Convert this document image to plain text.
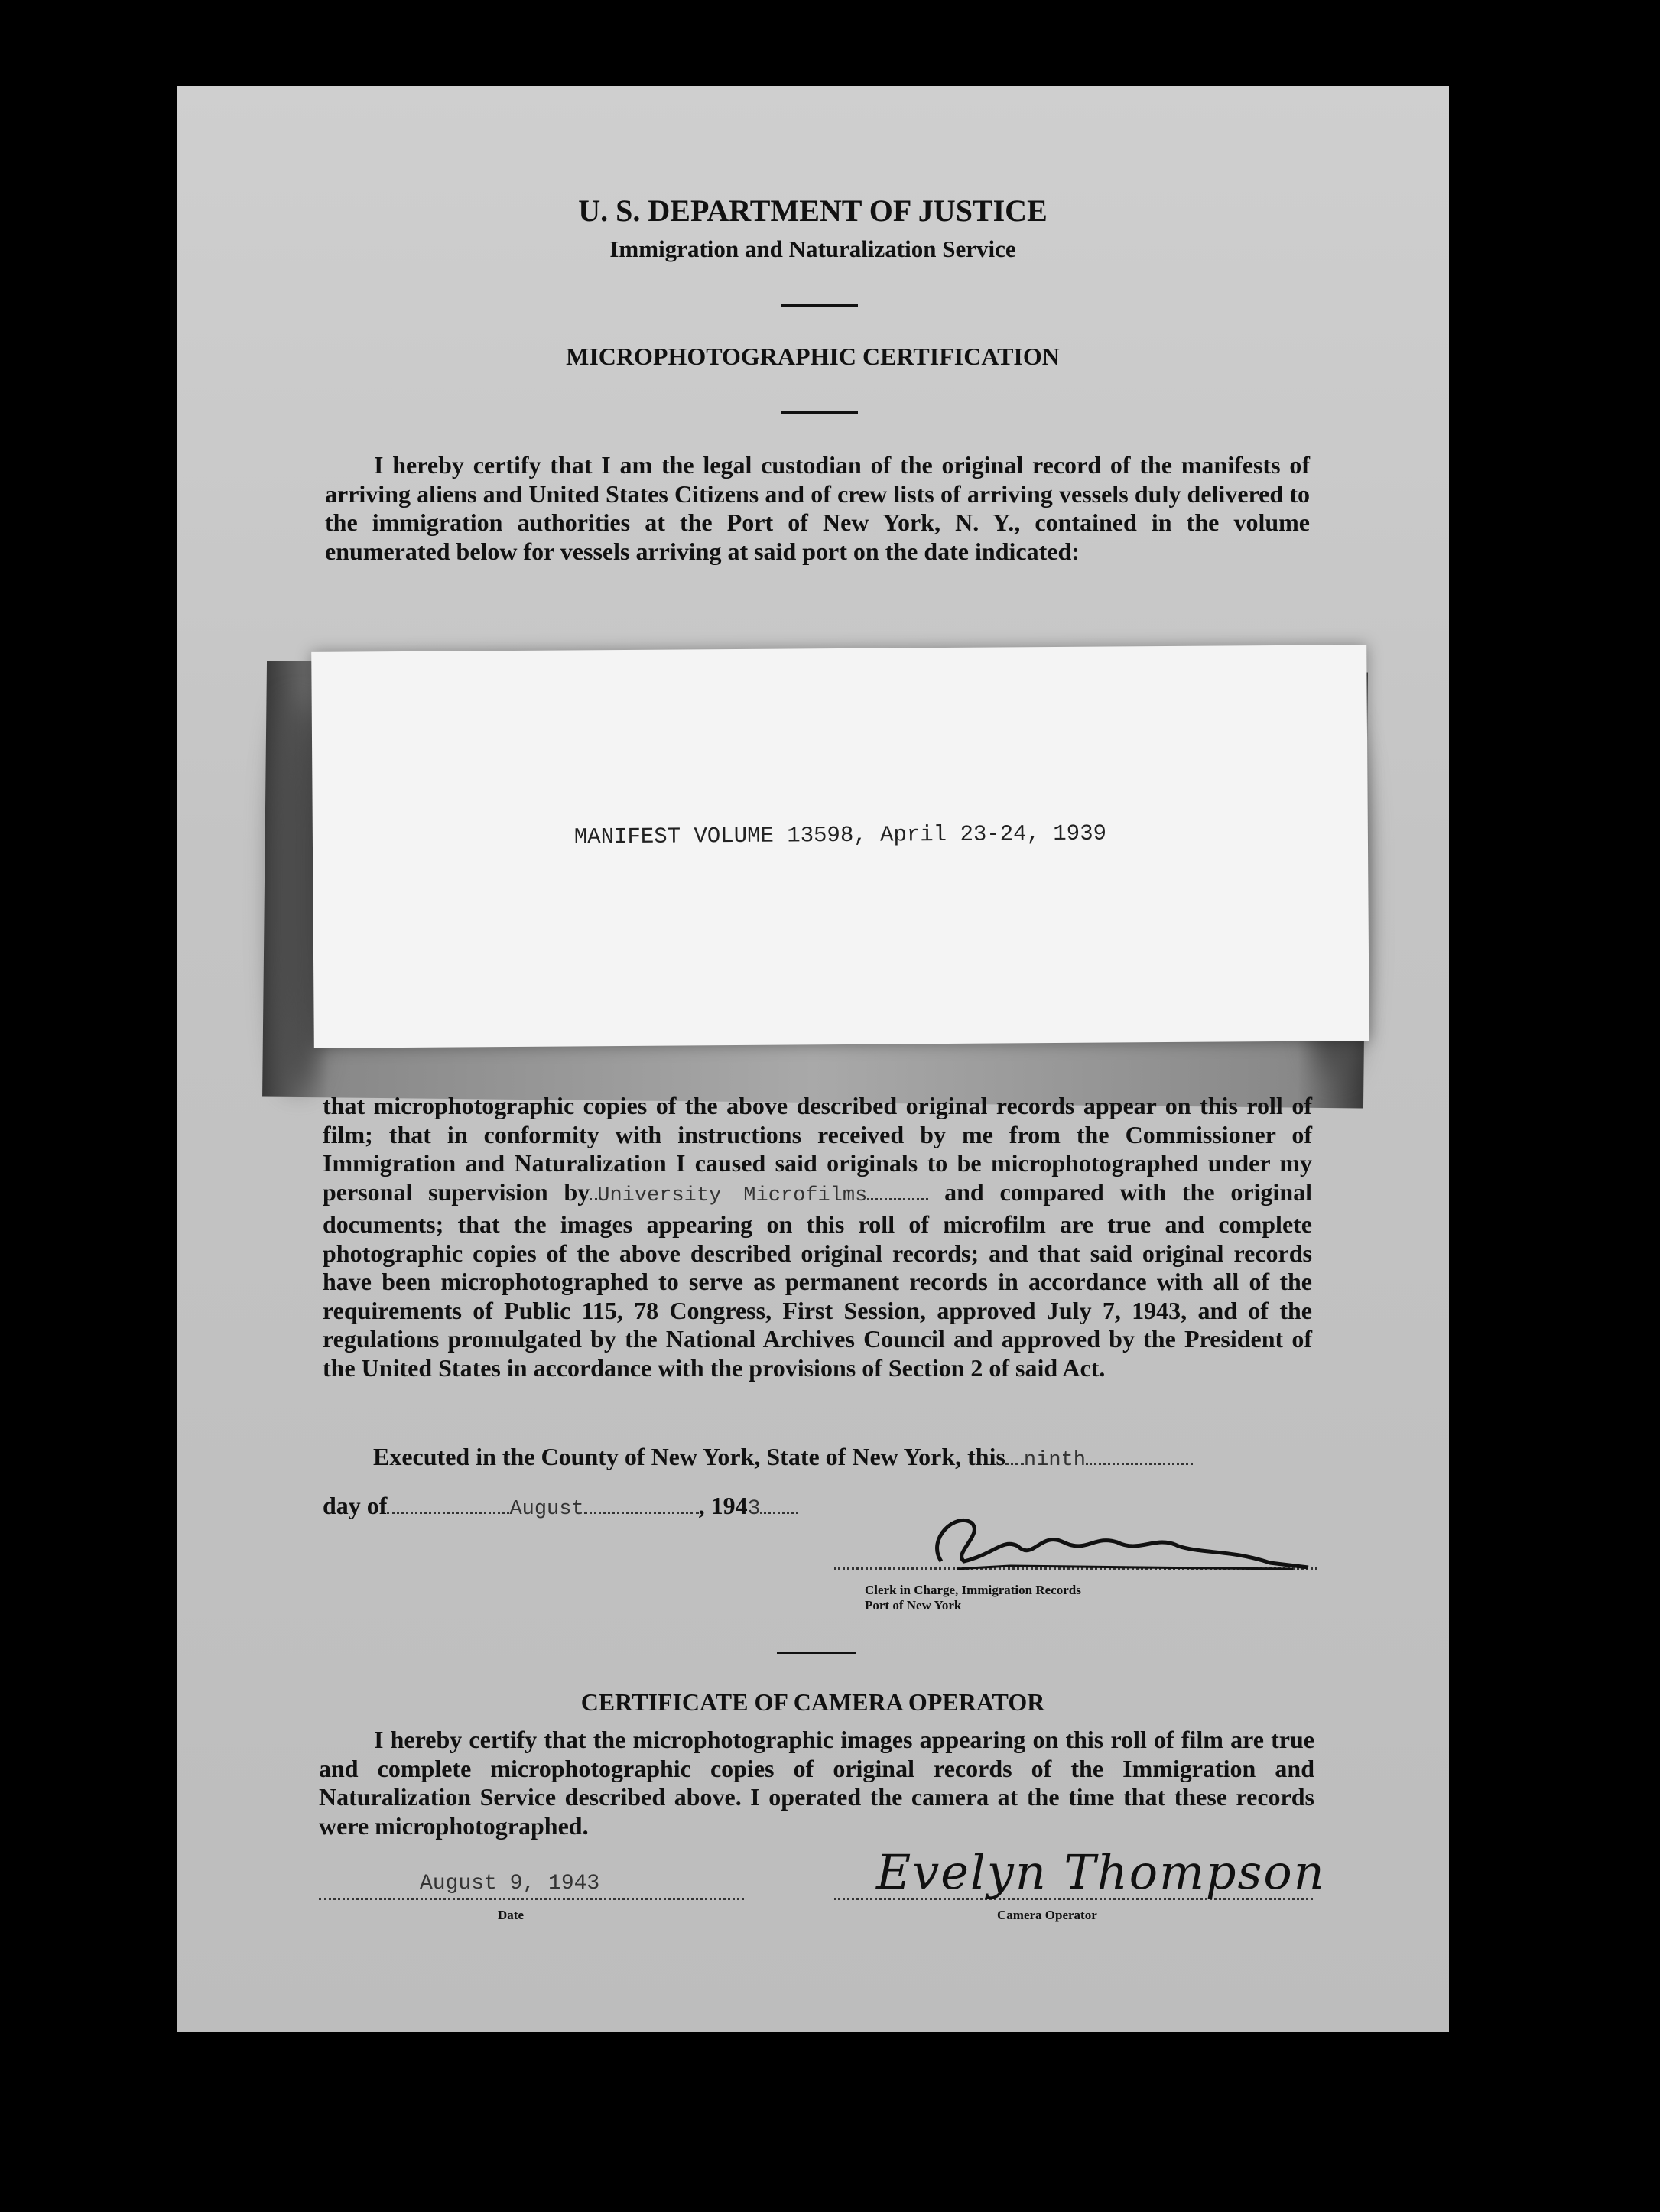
U. S. DEPARTMENT OF JUSTICE
Immigration and Naturalization Service
MICROPHOTOGRAPHIC CERTIFICATION

I hereby certify that I am the legal custodian of the original record of the manifests of arriving aliens and United States Citizens and of crew lists of arriving vessels duly delivered to the immigration authorities at the Port of New York, N. Y., contained in the volume enumerated below for vessels arriving at said port on the date indicated:

MANIFEST VOLUME 13598, April 23-24, 1939

that microphotographic copies of the above described original records appear on this roll of film; that in conformity with instructions received by me from the Commissioner of Immigration and Naturalization I caused said originals to be microphotographed under my personal supervision by University Microfilms	and compared with the original documents; that the images appearing on this roll of microfilm are true and complete photographic copies of the above described original records; and that said original records have been microphotographed to serve as permanent records in accordance with all of the requirements of Public 115, 78 Congress, First Session, approved July 7, 1943, and of the regulations promulgated by the National Archives Council and approved by the President of the United States in accordance with the provisions of Section 2 of said Act.

Executed in the County of New York, State of New York, this ninth
day of	August	, 1943
Clerk in Charge, Immigration Records
Port of New York
CERTIFICATE OF CAMERA OPERATOR

I hereby certify that the microphotographic images appearing on this roll of film are true and complete microphotographic copies of original records of the Immigration and Naturalization Service described above. I operated the camera at the time that these records were microphotographed.

August 9, 1943
Date
Evelyn Thompson
Camera Operator
